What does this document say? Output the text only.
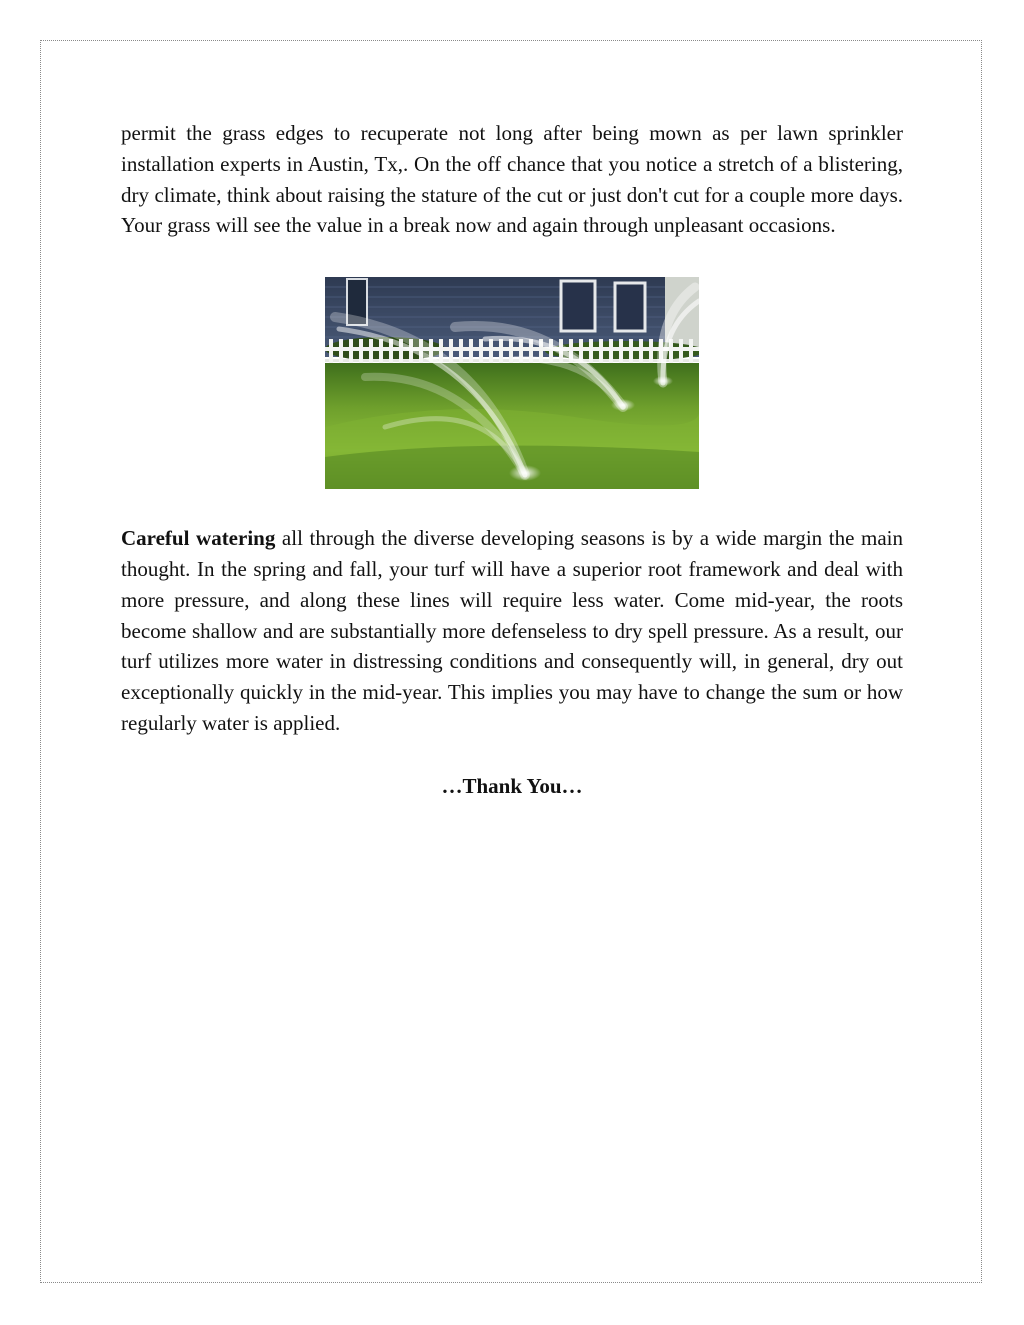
permit the grass edges to recuperate not long after being mown as per lawn sprinkler installation experts in Austin, Tx,. On the off chance that you notice a stretch of a blistering, dry climate, think about raising the stature of the cut or just don't cut for a couple more days. Your grass will see the value in a break now and again through unpleasant occasions.

Careful watering all through the diverse developing seasons is by a wide margin the main thought. In the spring and fall, your turf will have a superior root framework and deal with more pressure, and along these lines will require less water. Come mid-year, the roots become shallow and are substantially more defenseless to dry spell pressure. As a result, our turf utilizes more water in distressing conditions and consequently will, in general, dry out exceptionally quickly in the mid-year. This implies you may have to change the sum or how regularly water is applied.

…Thank You…
